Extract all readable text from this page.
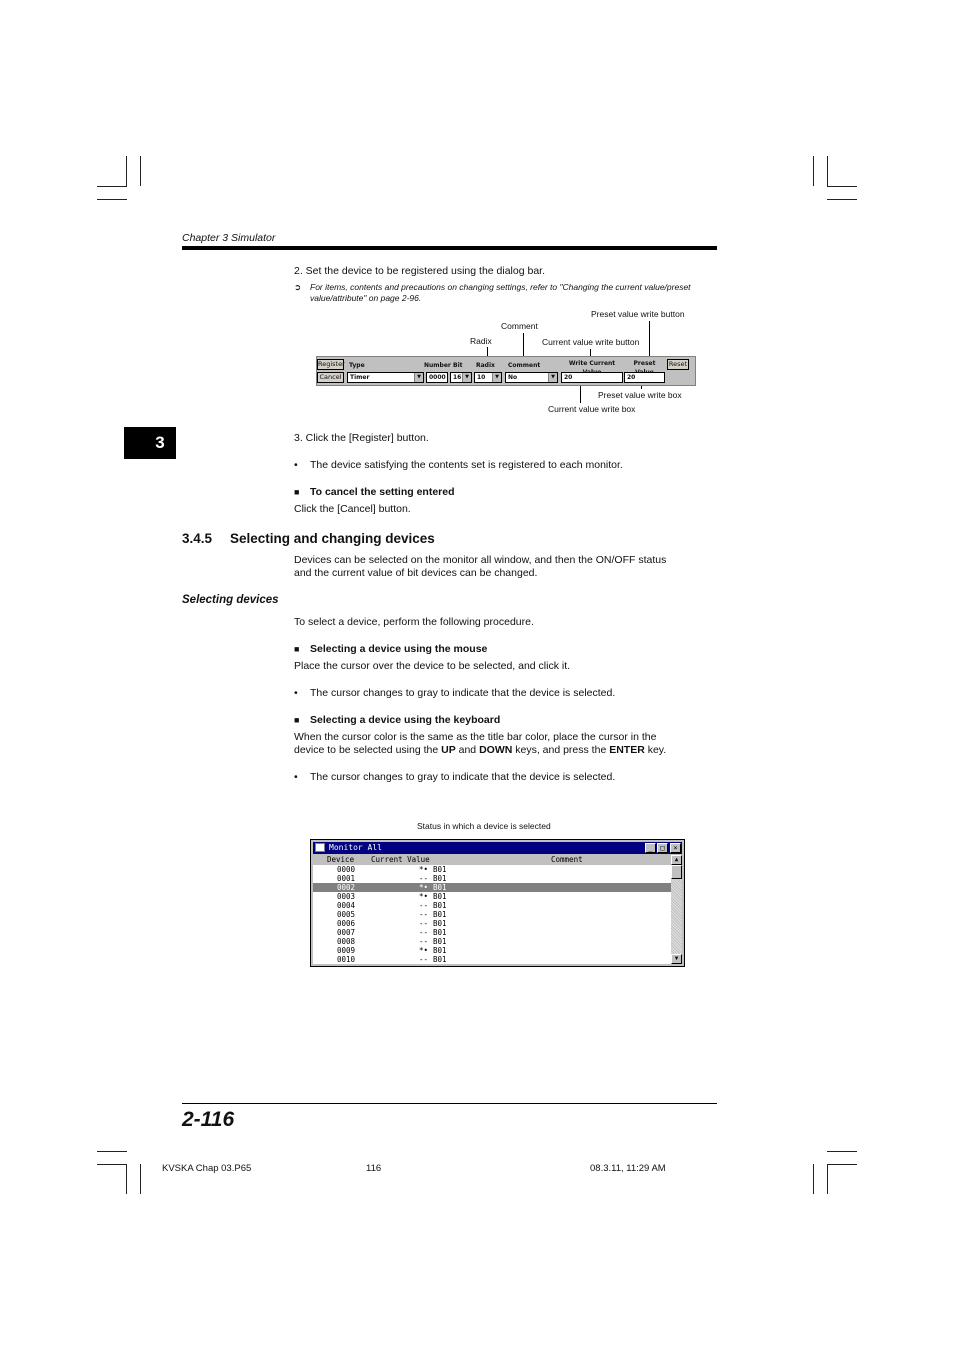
Chapter 3 Simulator
3
2. Set the device to be registered using the dialog bar.
➲ For items, contents and precautions on changing settings, refer to "Changing the current value/preset
value/attribute" on page 2-96.
Comment
Preset value write button
Radix	Current value write button
Preset value write box
Current value write box
Register
Cancel
Type
Timer	▼
Number
0000
Bit
16 ▼
Radix
10	▼
Comment
No	▼
Write Current
20
Preset
20
Reset
3. Click the [Register] button.
• The device satisfying the contents set is registered to each monitor.
■ To cancel the setting entered
Click the [Cancel] button.
3.4.5 Selecting and changing devices
Devices can be selected on the monitor all window, and then the ON/OFF status
and the current value of bit devices can be changed.
Selecting devices
To select a device, perform the following procedure.
■ Selecting a device using the mouse
Place the cursor over the device to be selected, and click it.
• The cursor changes to gray to indicate that the device is selected.
■ Selecting a device using the keyboard
When the cursor color is the same as the title bar color, place the cursor in the
device to be selected using the UP and DOWN keys, and press the ENTER key.
• The cursor changes to gray to indicate that the device is selected.
Status in which a device is selected
Monitor All	_	□	×
Device Current Value	Comment
0000	*• B01
0001	-- B01
0002	*• B01
0003	*• B01
0004	-- B01
0005	-- B01
0006	-- B01
0007	-- B01
0008	-- B01
0009	*• B01
0010	-- B01
▲
▼
2-116
KVSKA Chap 03.P65	116	08.3.11, 11:29 AM
